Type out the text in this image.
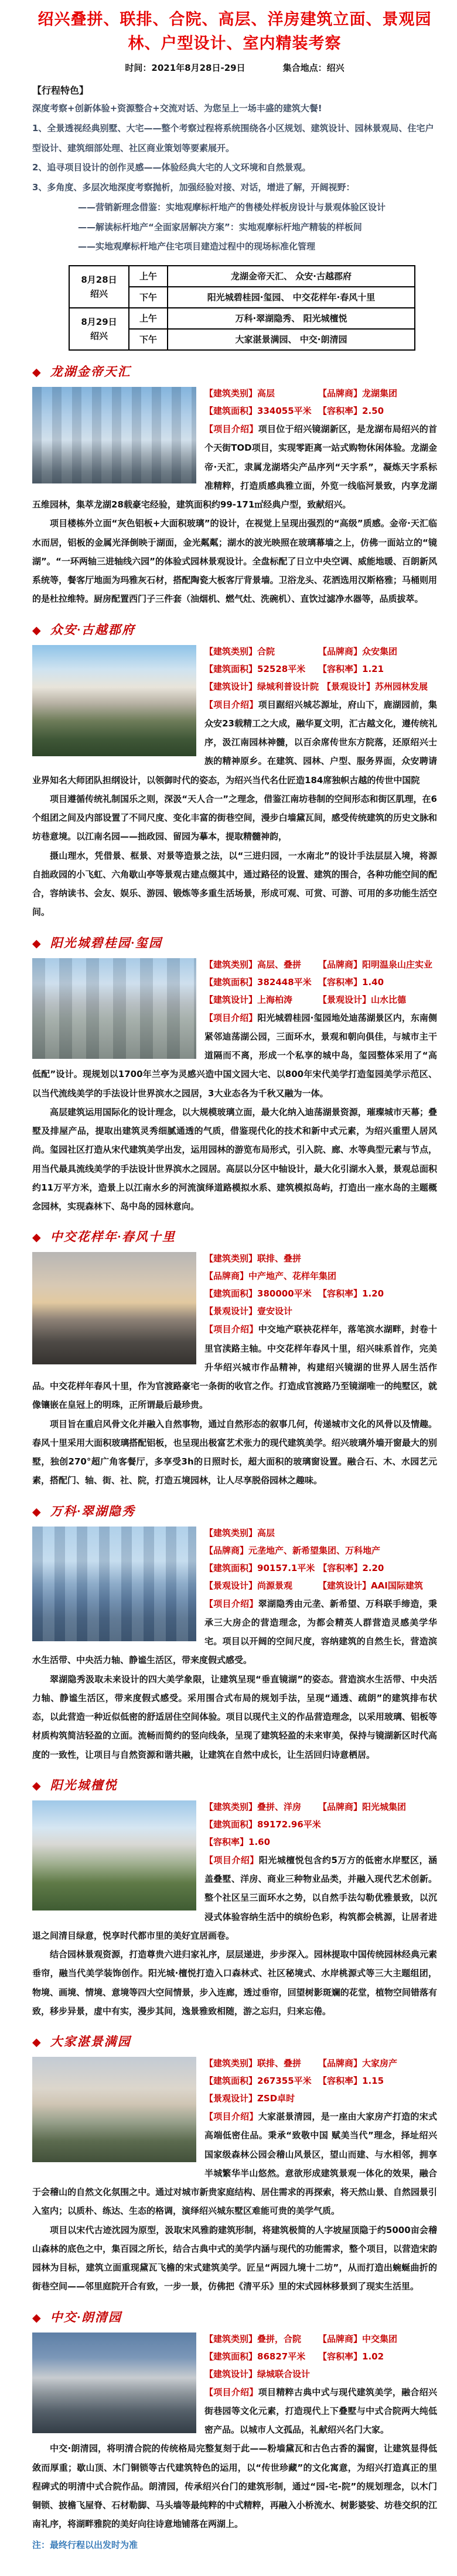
绍兴叠拼、联排、合院、高层、洋房建筑立面、景观园林、户型设计、室内精装考察
时间：2021年8月28日-29日	集合地点：绍兴
【行程特色】

深度考察+创新体验+资源整合+交流对话、为您呈上一场丰盛的建筑大餐!

1、全景透视经典别墅、大宅——整个考察过程将系统围绕各小区规划、建筑设计、园林景观局、住宅户型设计、建筑细部处理、社区商业策划等要素展开。

2、追寻项目设计的创作灵感——体验经典大宅的人文环境和自然景观。

3、多角度、多层次地深度考察抛析，加强经验对接、对话，增进了解，开阔视野：

——营销新理念借鉴：实地观摩标杆地产的售楼处样板房设计与景观体验区设计

——解读标杆地产“全面家居解决方案”：实地观摩标杆地产精装的样板间

——实地观摩标杆地产住宅项目建造过程中的现场标准化管理

8月28日
绍兴	上午	龙湖金帝天汇、 众安·古越郡府
	下午	阳光城碧桂园·玺园、 中交花样年·春风十里

8月29日
绍兴	上午	万科·翠湖隐秀、 阳光城檀悦
	下午	大家湛景满园、 中交·朗清园
◆ 龙湖金帝天汇
【建筑类别】高层	【品牌商】龙湖集团【建筑面积】334055平米 【容积率】2.50

【项目介绍】项目位于绍兴镜湖新区，是龙湖布局绍兴的首个天街TOD项目，实现零距离一站式购物休闲体验。龙湖金帝·天汇，隶属龙湖塔尖产品序列“天字系”，凝炼天字系标准精粹，打造质感典雅立面，外览一线临河景致，内享龙湖五维园林，集萃龙湖28载豪宅经验，建筑面积约99-171㎡经典户型，致献绍兴。

项目楼栋外立面“灰色铝板+大面积玻璃”的设计，在视觉上呈现出强烈的“高级”质感。金帝·天汇临水而居，铝板的金属光泽倒映于湖面，金光粼粼；湖水的波光映照在玻璃幕墙之上，仿佛一面站立的“镜湖”。“一环两轴三进轴线六园”的体验式园林景观设计。全盘标配了日立中央空调、威能地暖、百朗新风系统等，餐客厅地面为玛雅灰石材，搭配陶瓷大板客厅背景墙。卫浴龙头、花洒选用汉斯格雅；马桶则用的是杜拉维特。厨房配置西门子三件套（油烟机、燃气灶、洗碗机）、直饮过滤净水器等，品质拔萃。

◆ 众安·古越郡府
【建筑类别】合院	【品牌商】众安集团【建筑面积】52528平米 【容积率】1.21【建筑设计】绿城利普设计院 【景观设计】苏州园林发展

【项目介绍】项目踞绍兴城芯源址，府山下，鹿湖园前，集众安23载精工之大成，融华夏文明，汇古越文化，遵传统礼序，汲江南园林神髓，以百余席传世东方院落，还原绍兴士族的精神原乡。在建筑、园林、户型、服务界面，众安聘请业界知名大师团队担纲设计，以领御时代的姿态，为绍兴当代名仕匠造184席独帜古越的传世中国院

项目遵循传统礼制国乐之则，深汲“天人合一”之理念，借鉴江南坊巷制的空间形态和街区肌理，在6个组团之间及内部设置了不同尺度、变化丰富的街巷空间，漫步白墙黛瓦间，感受传统建筑的历史文脉和坊巷意境。以江南名园——拙政园、留园为摹本，提取精髓神韵，

摄山理水，凭借景、框景、对景等造景之法，以“三进归园，一水南北”的设计手法层层入境，将源自拙政园的小飞虹、六角歇山亭等景观古建点缀其中，通过路径的设置、建筑的围合，各种功能空间的配合，容纳读书、会友、娱乐、游园、锻炼等多重生活场景，形成可观、可赏、可游、可用的多功能生活空间。

◆ 阳光城碧桂园·玺园
【建筑类别】高层、叠拼 【品牌商】阳明温泉山庄实业【建筑面积】382448平米 【容积率】1.40【建筑设计】上海柏涛	【景观设计】山水比德

【项目介绍】阳光城碧桂园·玺园地处迪荡湖景区内，东南侧紧邻迪荡湖公园，三面环水，景观和朝向俱佳，与城市主干道隔而不离，形成一个私享的城中岛，玺园整体采用了“高低配”设计。现规划以1700年兰亭为灵感兴造中国文园大宅、以800年宋代美学打造玺园美学示范区、以当代流线美学的手法设计世界滨水之园居，3大业态各为千秋又融为一体。

高层建筑运用国际化的设计理念，以大规模玻璃立面，最大化纳入迪荡湖景资源，璀璨城市天幕；叠墅及排屋产品，提取出建筑灵秀细腻通透的气质，借鉴现代化的技术和新中式元素，为绍兴重塑人居风尚。玺园社区打造从宋代建筑美学出发，运用园林的游览布局形式，引入院、廊、水等典型元素与节点，用当代最具流线美学的手法设计世界滨水之园居。高层以分区中轴设计，最大化引湖水入景，景观总面积约11万平方米，造景上以江南水乡的河流演绎道路模拟水系、建筑模拟岛屿，打造出一座水岛的主题概念园林，实现森林下、岛中岛的园林意向。

◆ 中交花样年·春风十里
【建筑类别】联排、叠拼【品牌商】中产地产、花样年集团【建筑面积】380000平米 【容积率】1.20【景观设计】壹安设计

【项目介绍】中交地产联袂花样年，落笔滨水湖畔，封卷十里官渎路主轴。中交花样年春风十里，绍兴味系首作，完美升华绍兴城市作品精神，构建绍兴镜湖的世界人居生活作品。中交花样年春风十里，作为官渡路豪宅一条街的收官之作。打造成官渡路乃至镜湖唯一的纯墅区，就像镶嵌在皇冠上的明珠，正所谓最后最珍贵。

项目旨在重启风骨文化并融入自然事物，通过自然形态的叙事几何，传递城市文化的风骨以及情趣。春风十里采用大面积玻璃搭配铝板，也呈现出极富艺术张力的现代建筑美学。绍兴玻璃外墙开窗最大的别墅，独创270°超广角客餐厅，多享受3h的日照时长，超大面积的玻璃窗设置。融合石、木、水园艺元素，搭配门、轴、街、社、院，打造五境园林，让人尽享脱俗园林之趣味。

◆ 万科·翠湖隐秀
【建筑类别】高层【品牌商】元垄地产、新希望集团、万科地产【建筑面积】90157.1平米 【容积率】2.20【景观设计】尚源景观	【建筑设计】AAI国际建筑

【项目介绍】翠湖隐秀由元垄、新希望、万科联手缔造，秉承三大房企的营造理念，为都会精英人群营造灵感美学华宅。项目以开阔的空间尺度，容纳建筑的自然生长，营造滨水生活带、中央活力轴、静谧生活区，带来度假式感受。

翠湖隐秀汲取未来设计的四大美学象限，让建筑呈现“垂直镜湖”的姿态。营造滨水生活带、中央活力轴、静谧生活区，带来度假式感受。采用围合式布局的规划手法，呈现“通透、疏朗”的建筑排布状态，以此营造一种近似低密的舒适居住空间体验。项目以现代主义的作品营造理念，以采用玻璃、铝板等材质构筑简洁轻盈的立面。流畅而简约的竖向线条，呈现了建筑轻盈的未来审美，保持与镜湖新区时代高度的一致性，让项目与自然资源和谐共融，让建筑在自然中成长，让生活回归诗意栖居。

◆ 阳光城檀悦
【建筑类别】叠拼、洋房 【品牌商】阳光城集团【建筑面积】89172.96平米【容积率】1.60

【项目介绍】阳光城檀悦包含约5万方的低密水岸墅区，涵盖叠墅、洋房、商业三种物业品类，并融入现代艺术创新。整个社区呈三面环水之势，以自然手法勾勒优雅景致，以沉浸式体验容纳生活中的缤纷色彩，构筑都会桃源，让居者进退之间清目绿意，悦享时代都市里的美好宜居画卷。

结合园林景观资源，打造尊贵六进归家礼序，层层递进，步步深入。园林提取中国传统园林经典元素垂帘，融当代美学装饰创作。阳光城·檀悦打造入口森林式、社区秘境式、水岸桃源式等三大主题组团，物境、画境、情境、意境等四大空间情景，步入连廊，透过垂帘，回望树影斑斓的花堂，植物空间错落有致，移步异景，虚中有实，漫步其间，逸景雅致相随，游之忘归，归来忘倦。

◆ 大家湛景满园
【建筑类别】联排、叠拼 【品牌商】大家房产【建筑面积】267355平米 【容积率】1.15【景观设计】ZSD卓时

【项目介绍】大家湛景清园，是一座由大家房产打造的宋式高端低密住品。秉承“致敬中国 赋美当代”理念，择址绍兴国家级森林公园会稽山风景区，望山而建、与水相邻，拥享半城繁华半山悠然。意欲形成建筑景观一体化的效果，融合于会稽山的自然文化氛围之中。通过对城市新贵家庭结构、居住需求的再探索，将天然山景、自然园景引入室内；以质朴、练达、生态的格调，演绎绍兴城东墅区难能可贵的美学气质。

项目以宋代古迹沈园为原型，汲取宋风雅韵建筑形制，将建筑极简的人字坡屋顶隐于约5000亩会稽山森林的底色之中，集百园之所长，结合古典中式的美学内涵与现代的功能需求，整个项目，以营造宋韵园林为目标，建筑立面重现黛瓦飞檐的宋式建筑美学。匠呈“两园九境十二坊”，从而打造出蜿蜒曲折的街巷空间——邻里庭院开合有致，一步一景，仿佛把《清平乐》里的宋式园林移景到了现实生活里。

◆ 中交·朗清园
【建筑类别】叠拼，合院 【品牌商】中交集团【建筑面积】86827平米 【容积率】1.02【建筑设计】绿城联合设计

【项目介绍】项目精粹古典中式与现代建筑美学，融合绍兴街巷园等文化元素，打造现代上下叠墅与中式合院两大纯低密产品。以城市人文孤品，礼献绍兴名门大家。

中交·朗清园，将明清合院的传统格局完整复刻于此——粉墙黛瓦和古色古香的漏窗，让建筑显得低敛而厚重；歇山顶、木门铜锁等古代建筑特色的运用，以“传世珍藏”的文化寓意，为绍兴打造真正的里程碑式的明清中式合院作品。朗清园，传承绍兴台门的建筑形制，通过“园-宅-院”的规划理念，以木门铜锁、披檐飞屋脊、石材勒脚、马头墙等最纯粹的中式精粹，再融入小桥流水、树影婆娑、坊巷交织的江南礼序，将湖畔雅院的美好向往诗意地铺落在两湖上。

注：最终行程以出发时为准
